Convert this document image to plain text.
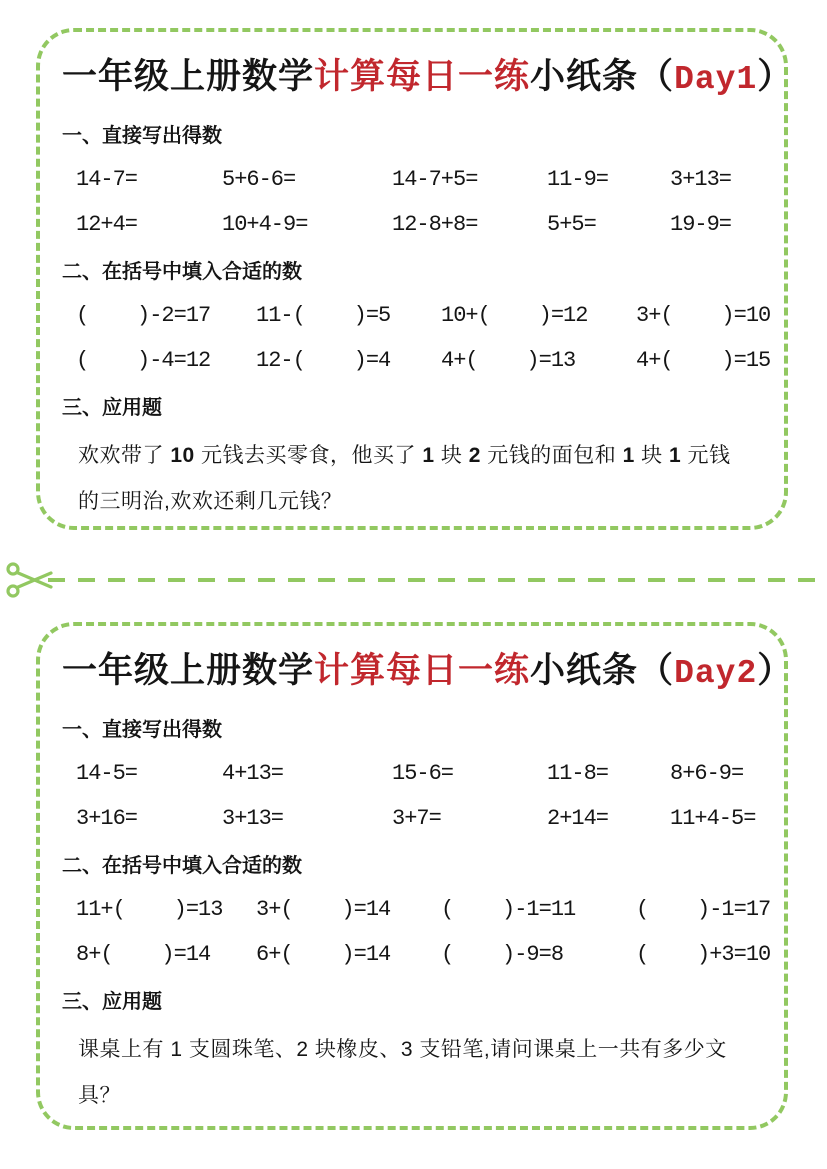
一年级上册数学计算每日一练小纸条（Day1）
一、直接写出得数
14-7=	5+6-6=	14-7+5=	11-9=	3+13=
12+4=	10+4-9=	12-8+8=	5+5=	19-9=
二、在括号中填入合适的数
(    )-2=17	11-(    )=5	10+(    )=12	3+(    )=10
(    )-4=12	12-(    )=4	4+(    )=13	4+(    )=15
三、应用题

欢欢带了 10 元钱去买零食，他买了 1 块 2 元钱的面包和 1 块 1 元钱的三明治,欢欢还剩几元钱？

一年级上册数学计算每日一练小纸条（Day2）
一、直接写出得数
14-5=	4+13=	15-6=	11-8=	8+6-9=
3+16=	3+13=	3+7=	2+14=	11+4-5=
二、在括号中填入合适的数
11+(    )=13	3+(    )=14	(    )-1=11	(    )-1=17
8+(    )=14	6+(    )=14	(    )-9=8	(    )+3=10
三、应用题

课桌上有 1 支圆珠笔、2 块橡皮、3 支铅笔,请问课桌上一共有多少文具？
